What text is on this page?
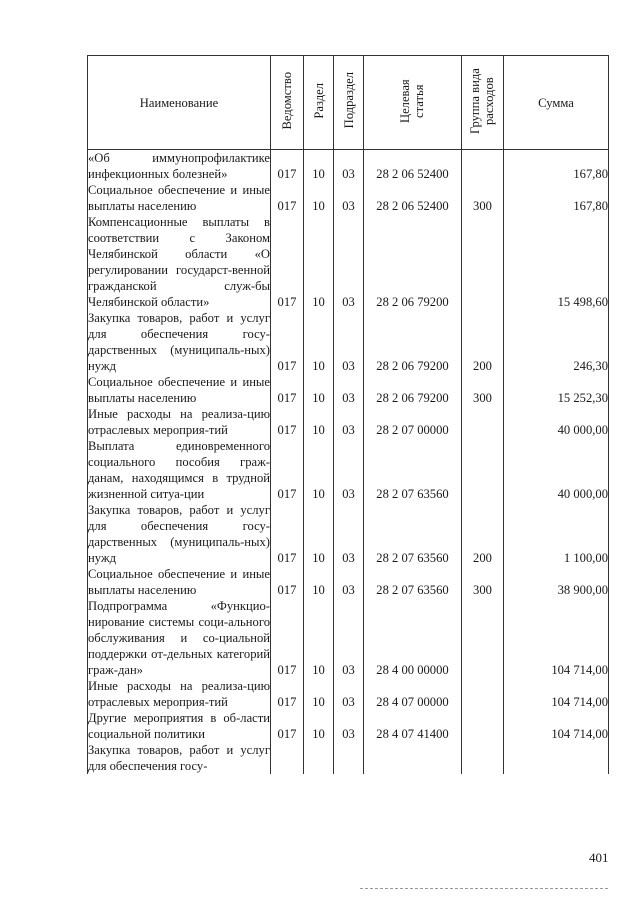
Наименование	Ведомство	Раздел	Подраздел	Целевая статья	Группа вида расходов	Сумма
«Об иммунопрофилактике инфекционных болезней»	017	10	03	28 2 06 52400		167,80
Социальное обеспечение и иные выплаты населению	017	10	03	28 2 06 52400	300	167,80
Компенсационные выплаты в соответствии с Законом Челябинской области «О регулировании государст-венной гражданской служ-бы Челябинской области»	017	10	03	28 2 06 79200		15 498,60
Закупка товаров, работ и услуг для обеспечения госу-дарственных (муниципаль-ных) нужд	017	10	03	28 2 06 79200	200	246,30
Социальное обеспечение и иные выплаты населению	017	10	03	28 2 06 79200	300	15 252,30
Иные расходы на реализа-цию отраслевых мероприя-тий	017	10	03	28 2 07 00000		40 000,00
Выплата единовременного социального пособия граж-данам, находящимся в трудной жизненной ситуа-ции	017	10	03	28 2 07 63560		40 000,00
Закупка товаров, работ и услуг для обеспечения госу-дарственных (муниципаль-ных) нужд	017	10	03	28 2 07 63560	200	1 100,00
Социальное обеспечение и иные выплаты населению	017	10	03	28 2 07 63560	300	38 900,00
Подпрограмма «Функцио-нирование системы соци-ального обслуживания и со-циальной поддержки от-дельных категорий граж-дан»	017	10	03	28 4 00 00000		104 714,00
Иные расходы на реализа-цию отраслевых мероприя-тий	017	10	03	28 4 07 00000		104 714,00
Другие мероприятия в об-ласти социальной политики	017	10	03	28 4 07 41400		104 714,00
Закупка товаров, работ и услуг для обеспечения госу-						
401
